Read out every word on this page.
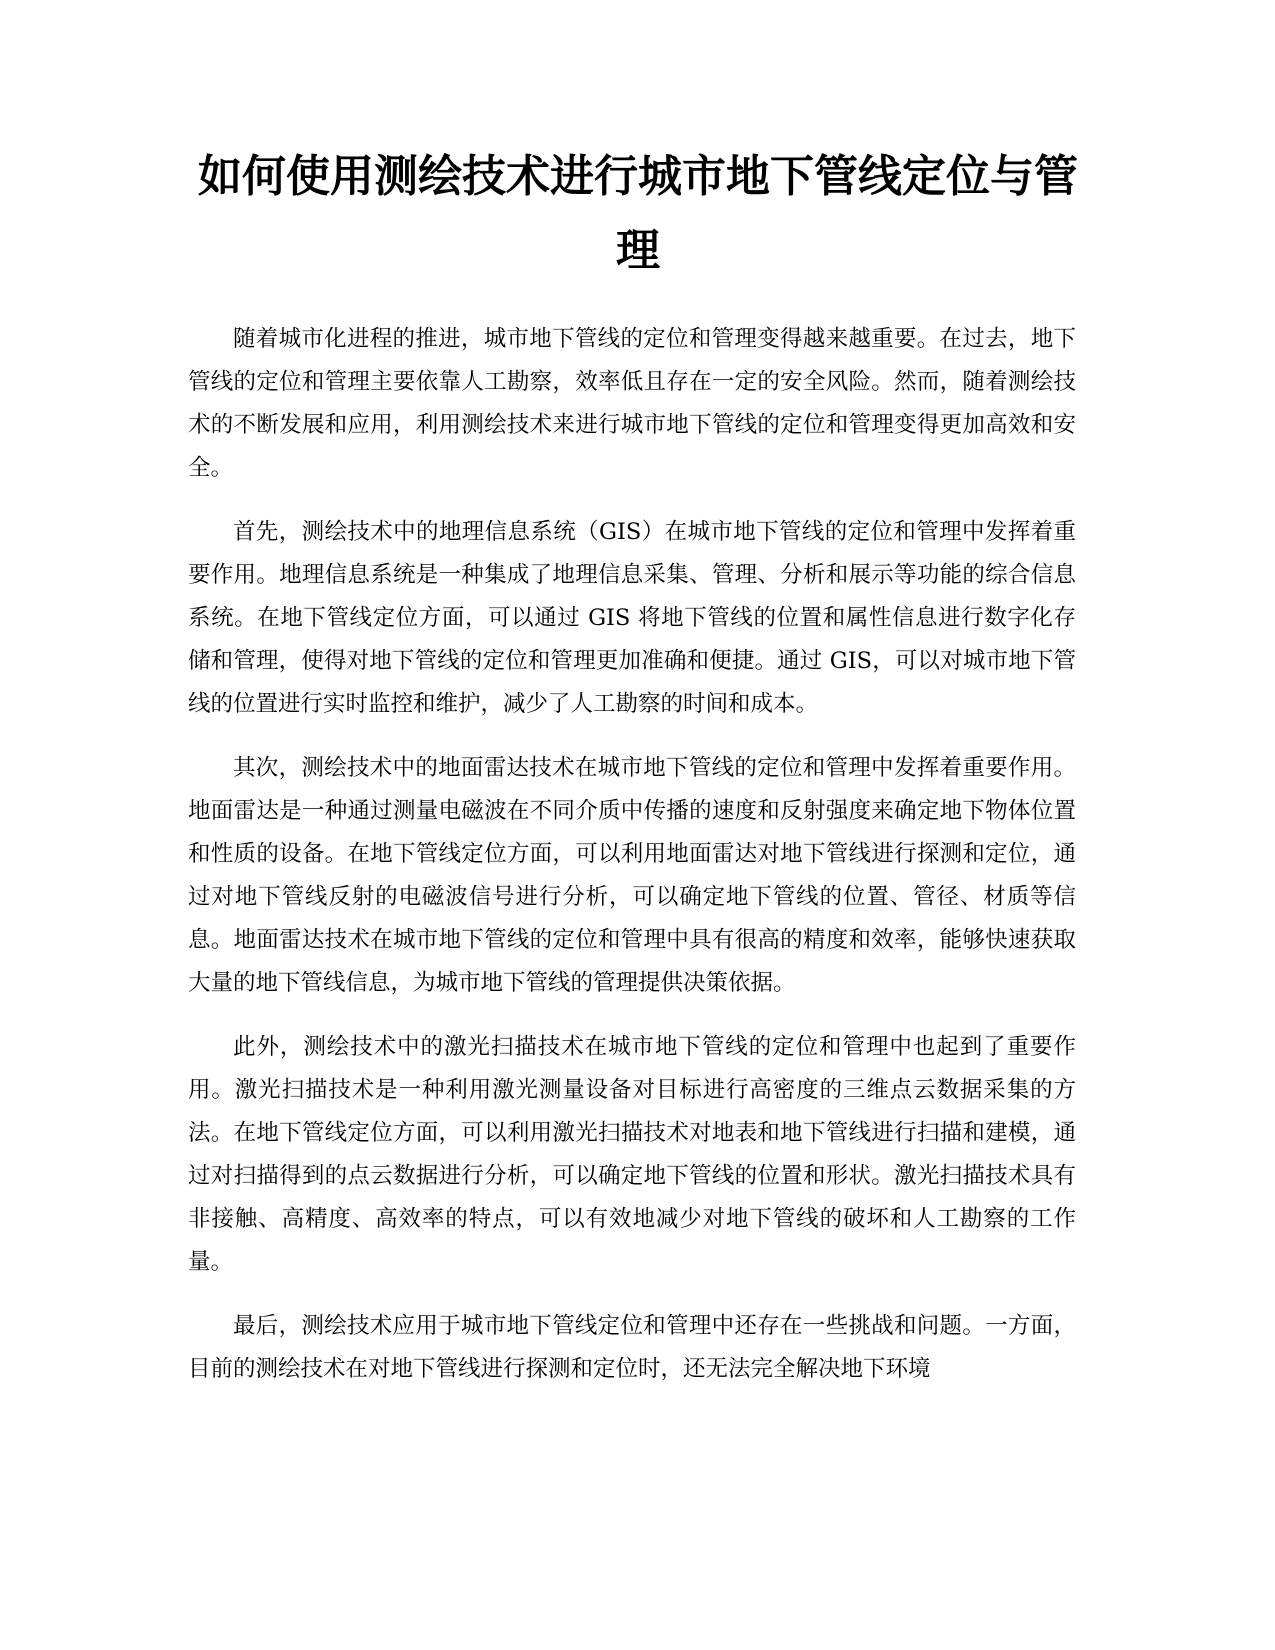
如何使用测绘技术进行城市地下管线定位与管理

随着城市化进程的推进，城市地下管线的定位和管理变得越来越重要。在过去，地下管线的定位和管理主要依靠人工勘察，效率低且存在一定的安全风险。然而，随着测绘技术的不断发展和应用，利用测绘技术来进行城市地下管线的定位和管理变得更加高效和安全。

首先，测绘技术中的地理信息系统（GIS）在城市地下管线的定位和管理中发挥着重要作用。地理信息系统是一种集成了地理信息采集、管理、分析和展示等功能的综合信息系统。在地下管线定位方面，可以通过 GIS 将地下管线的位置和属性信息进行数字化存储和管理，使得对地下管线的定位和管理更加准确和便捷。通过 GIS，可以对城市地下管线的位置进行实时监控和维护，减少了人工勘察的时间和成本。

其次，测绘技术中的地面雷达技术在城市地下管线的定位和管理中发挥着重要作用。地面雷达是一种通过测量电磁波在不同介质中传播的速度和反射强度来确定地下物体位置和性质的设备。在地下管线定位方面，可以利用地面雷达对地下管线进行探测和定位，通过对地下管线反射的电磁波信号进行分析，可以确定地下管线的位置、管径、材质等信息。地面雷达技术在城市地下管线的定位和管理中具有很高的精度和效率，能够快速获取大量的地下管线信息，为城市地下管线的管理提供决策依据。

此外，测绘技术中的激光扫描技术在城市地下管线的定位和管理中也起到了重要作用。激光扫描技术是一种利用激光测量设备对目标进行高密度的三维点云数据采集的方法。在地下管线定位方面，可以利用激光扫描技术对地表和地下管线进行扫描和建模，通过对扫描得到的点云数据进行分析，可以确定地下管线的位置和形状。激光扫描技术具有非接触、高精度、高效率的特点，可以有效地减少对地下管线的破坏和人工勘察的工作量。

最后，测绘技术应用于城市地下管线定位和管理中还存在一些挑战和问题。一方面，目前的测绘技术在对地下管线进行探测和定位时，还无法完全解决地下环境
